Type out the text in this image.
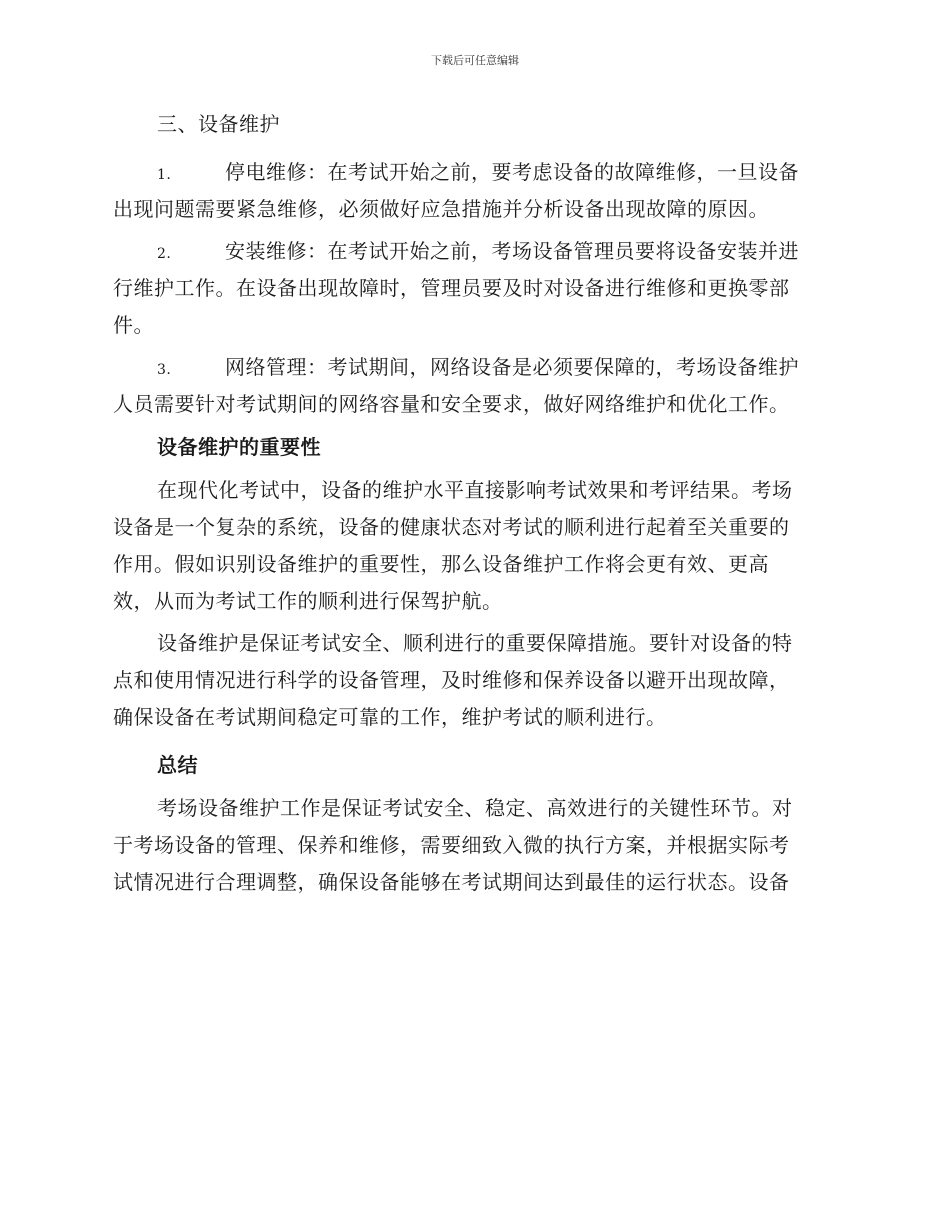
下载后可任意编辑
三、设备维护
1.	停电维修：在考试开始之前，要考虑设备的故障维修，一旦设备
出现问题需要紧急维修，必须做好应急措施并分析设备出现故障的原因。
2.	安装维修：在考试开始之前，考场设备管理员要将设备安装并进
行维护工作。在设备出现故障时，管理员要及时对设备进行维修和更换零部
件。
3.	网络管理：考试期间，网络设备是必须要保障的，考场设备维护
人员需要针对考试期间的网络容量和安全要求，做好网络维护和优化工作。
设备维护的重要性
在现代化考试中，设备的维护水平直接影响考试效果和考评结果。考场
设备是一个复杂的系统，设备的健康状态对考试的顺利进行起着至关重要的
作用。假如识别设备维护的重要性，那么设备维护工作将会更有效、更高
效，从而为考试工作的顺利进行保驾护航。
设备维护是保证考试安全、顺利进行的重要保障措施。要针对设备的特
点和使用情况进行科学的设备管理，及时维修和保养设备以避开出现故障，
确保设备在考试期间稳定可靠的工作，维护考试的顺利进行。
总结
考场设备维护工作是保证考试安全、稳定、高效进行的关键性环节。对
于考场设备的管理、保养和维修，需要细致入微的执行方案，并根据实际考
试情况进行合理调整，确保设备能够在考试期间达到最佳的运行状态。设备
